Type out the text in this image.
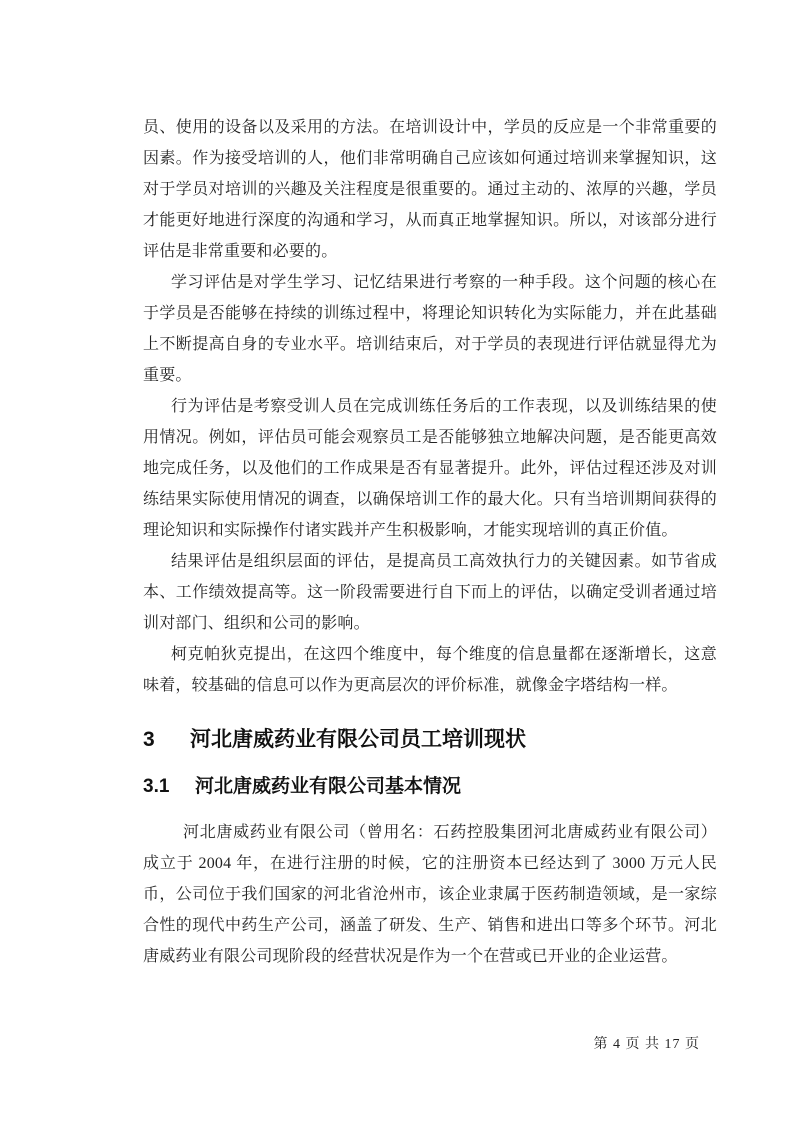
员、使用的设备以及采用的方法。在培训设计中，学员的反应是一个非常重要的因素。作为接受培训的人，他们非常明确自己应该如何通过培训来掌握知识，这对于学员对培训的兴趣及关注程度是很重要的。通过主动的、浓厚的兴趣，学员才能更好地进行深度的沟通和学习，从而真正地掌握知识。所以，对该部分进行评估是非常重要和必要的。

学习评估是对学生学习、记忆结果进行考察的一种手段。这个问题的核心在于学员是否能够在持续的训练过程中，将理论知识转化为实际能力，并在此基础上不断提高自身的专业水平。培训结束后，对于学员的表现进行评估就显得尤为重要。

行为评估是考察受训人员在完成训练任务后的工作表现，以及训练结果的使用情况。例如，评估员可能会观察员工是否能够独立地解决问题，是否能更高效地完成任务，以及他们的工作成果是否有显著提升。此外，评估过程还涉及对训练结果实际使用情况的调查，以确保培训工作的最大化。只有当培训期间获得的理论知识和实际操作付诸实践并产生积极影响，才能实现培训的真正价值。

结果评估是组织层面的评估，是提高员工高效执行力的关键因素。如节省成本、工作绩效提高等。这一阶段需要进行自下而上的评估，以确定受训者通过培训对部门、组织和公司的影响。

柯克帕狄克提出，在这四个维度中，每个维度的信息量都在逐渐增长，这意味着，较基础的信息可以作为更高层次的评价标准，就像金字塔结构一样。

3 河北唐威药业有限公司员工培训现状
3.1 河北唐威药业有限公司基本情况

河北唐威药业有限公司（曾用名：石药控股集团河北唐威药业有限公司）成立于 2004 年，在进行注册的时候，它的注册资本已经达到了 3000 万元人民币，公司位于我们国家的河北省沧州市，该企业隶属于医药制造领域，是一家综合性的现代中药生产公司，涵盖了研发、生产、销售和进出口等多个环节。河北唐威药业有限公司现阶段的经营状况是作为一个在营或已开业的企业运营。

第 4 页 共 17 页
